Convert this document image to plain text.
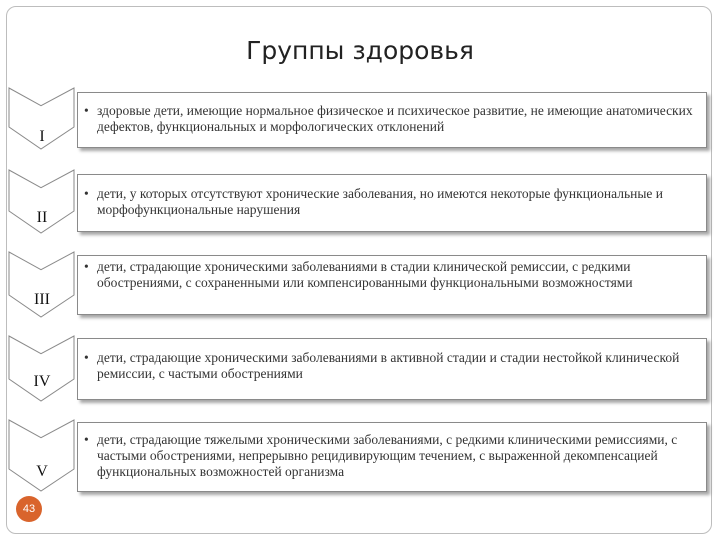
Группы здоровья
I
• здоровые дети, имеющие нормальное физическое и психическое развитие, не имеющие анатомических дефектов, функциональных и морфологических отклонений
II
• дети, у которых отсутствуют хронические заболевания, но имеются некоторые функциональные и морфофункциональные нарушения
III
• дети, страдающие хроническими заболеваниями в стадии клинической ремиссии, с редкими обострениями, с сохраненными или компенсированными функциональными возможностями
IV
• дети, страдающие хроническими заболеваниями в активной стадии и стадии нестойкой клинической ремиссии, с частыми обострениями
V
• дети, страдающие тяжелыми хроническими заболеваниями, с редкими клиническими ремиссиями, с частыми обострениями, непрерывно рецидивирующим течением, с выраженной декомпенсацией функциональных возможностей организма
43
